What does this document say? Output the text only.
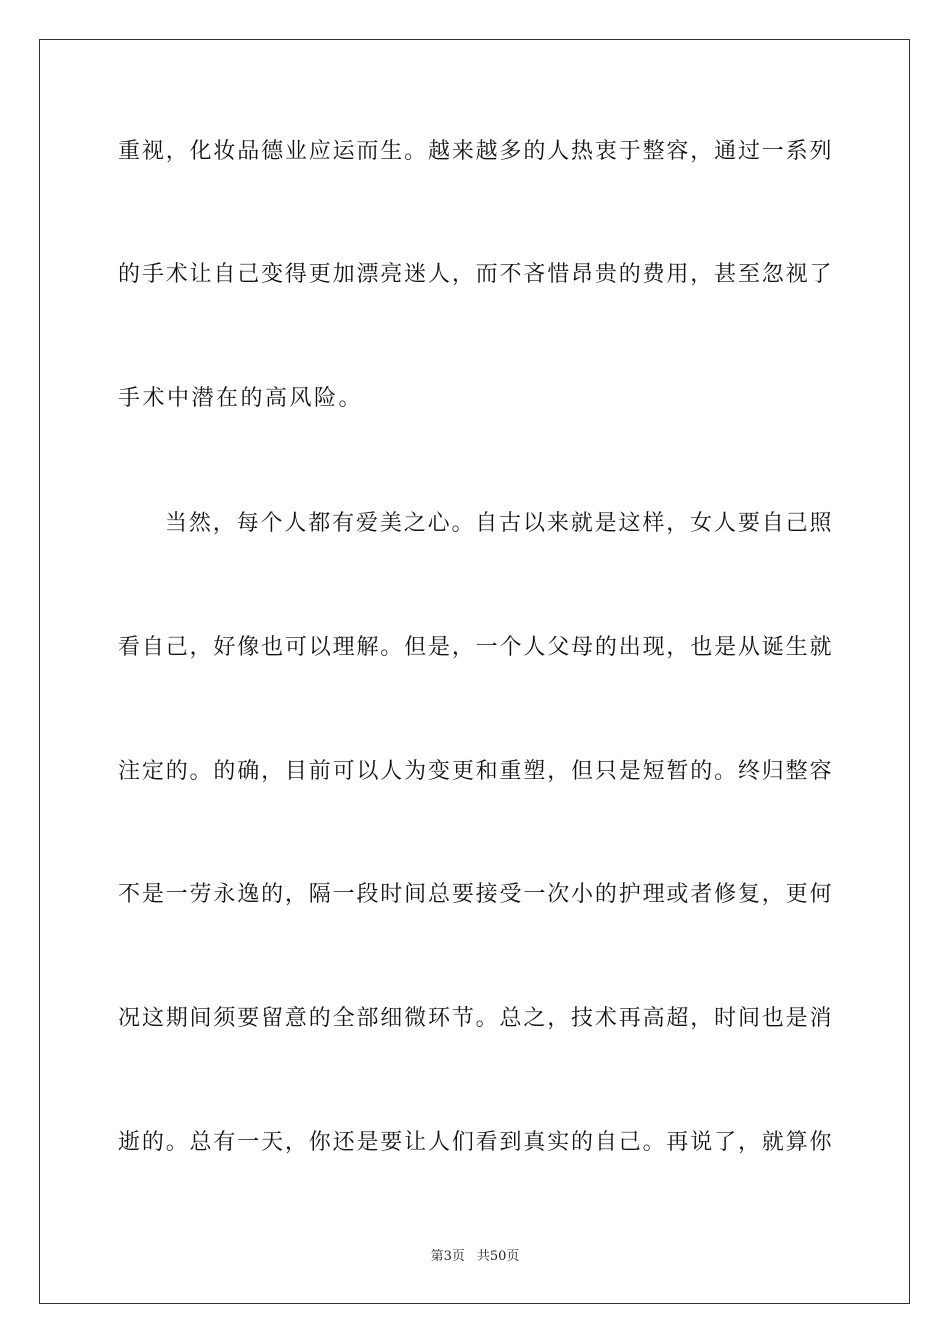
重视，化妆品德业应运而生。越来越多的人热衷于整容，通过一系列
的手术让自己变得更加漂亮迷人，而不吝惜昂贵的费用，甚至忽视了
手术中潜在的高风险。
当然，每个人都有爱美之心。自古以来就是这样，女人要自己照
看自己，好像也可以理解。但是，一个人父母的出现，也是从诞生就
注定的。的确，目前可以人为变更和重塑，但只是短暂的。终归整容
不是一劳永逸的，隔一段时间总要接受一次小的护理或者修复，更何
况这期间须要留意的全部细微环节。总之，技术再高超，时间也是消
逝的。总有一天，你还是要让人们看到真实的自己。再说了，就算你
第3页 共50页
